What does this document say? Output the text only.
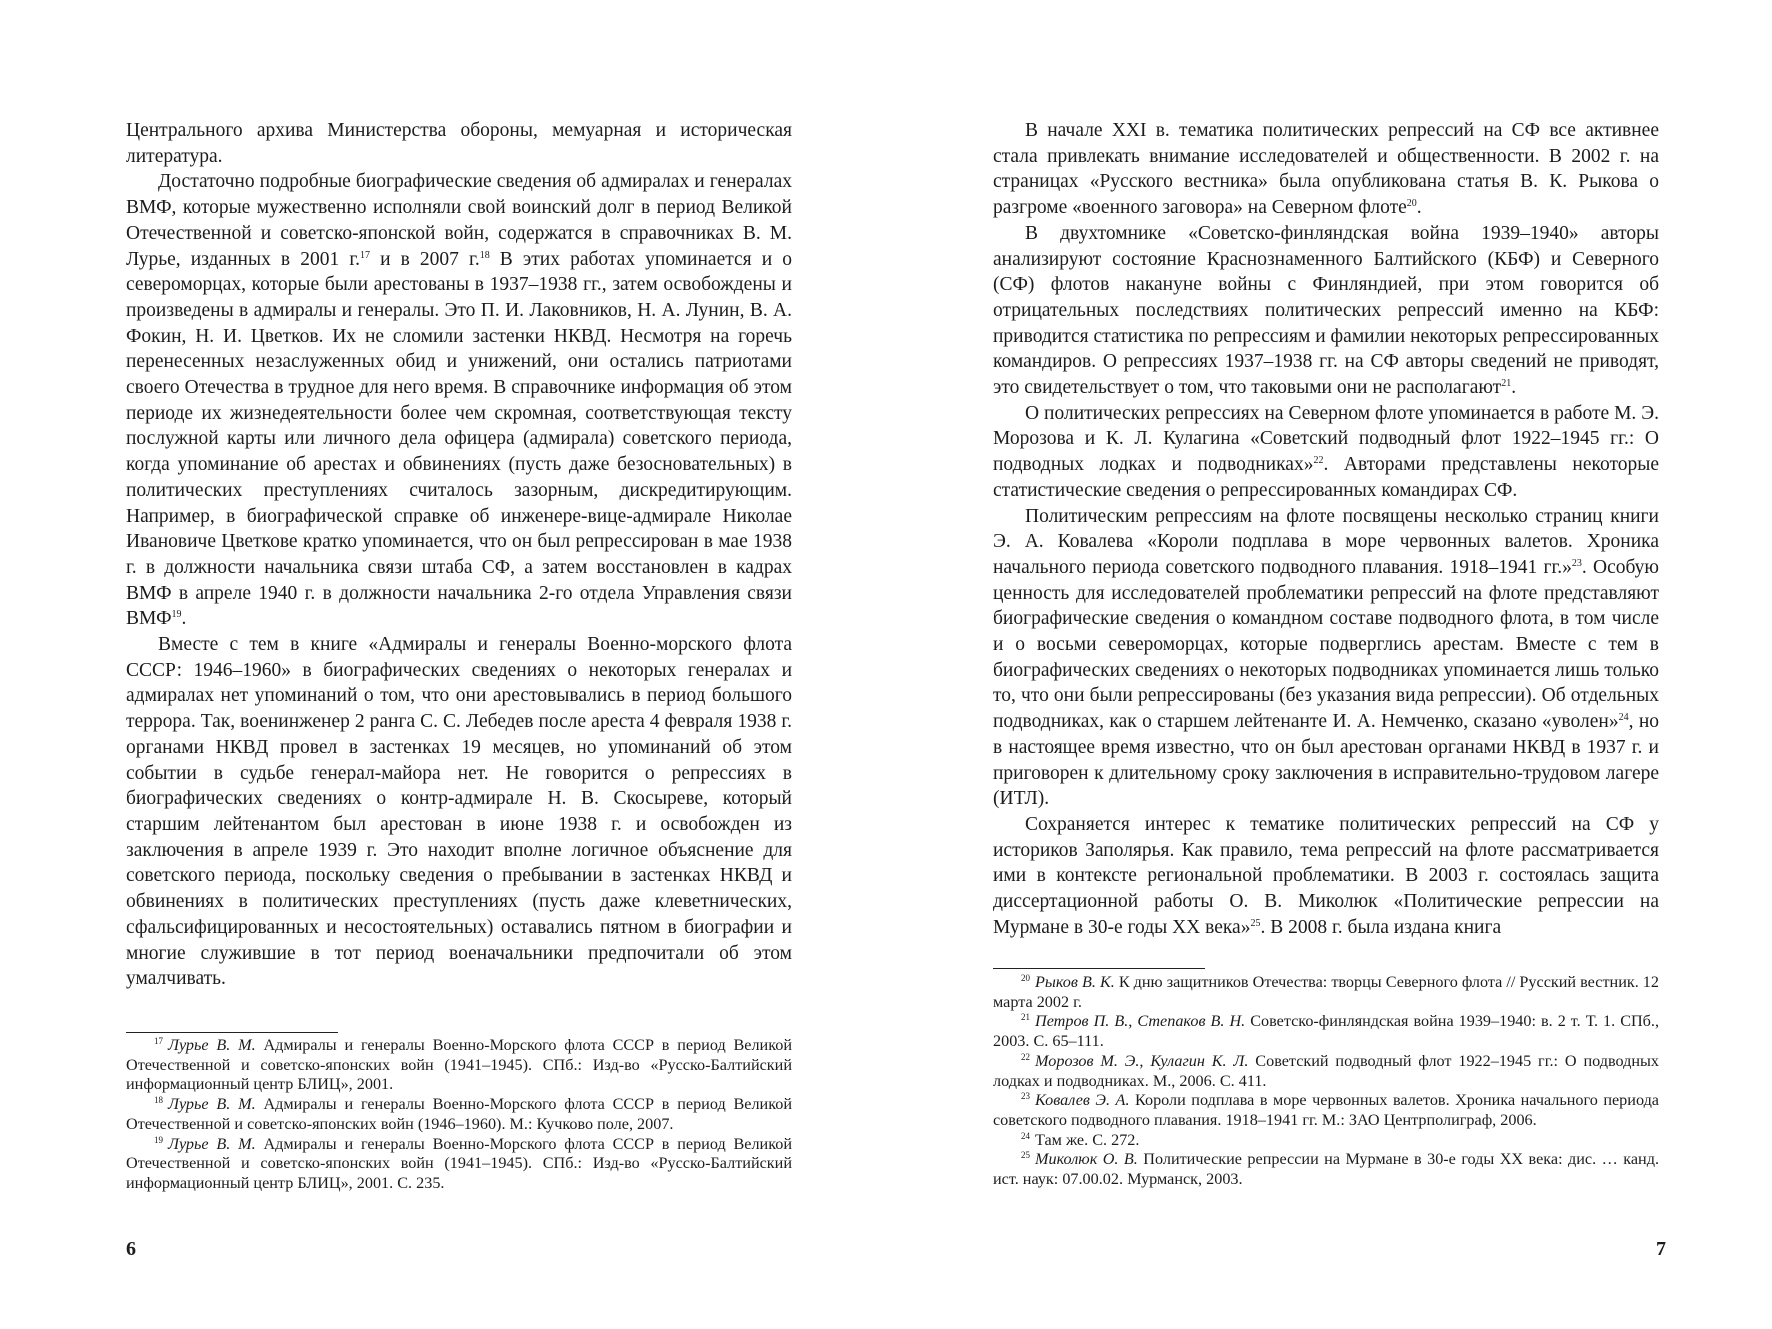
Центрального архива Министерства обороны, мемуарная и историческая литература.

Достаточно подробные биографические сведения об адмиралах и генералах ВМФ, которые мужественно исполняли свой воинский долг в период Великой Отечественной и советско-японской войн, содержатся в справочниках В. М. Лурье, изданных в 2001 г.$^{17}$ и в 2007 г.$^{18}$ В этих работах упоминается и о североморцах, которые были арестованы в 1937–1938 гг., затем освобождены и произведены в адмиралы и генералы. Это П. И. Лаковников, Н. А. Лунин, В. А. Фокин, Н. И. Цветков. Их не сломили застенки НКВД. Несмотря на горечь перенесенных незаслуженных обид и унижений, они остались патриотами своего Отечества в трудное для него время. В справочнике информация об этом периоде их жизнедеятельности более чем скромная, соответствующая тексту послужной карты или личного дела офицера (адмирала) советского периода, когда упоминание об арестах и обвинениях (пусть даже безосновательных) в политических преступлениях считалось зазорным, дискредитирующим. Например, в биографической справке об инженере-вице-адмирале Николае Ивановиче Цветкове кратко упоминается, что он был репрессирован в мае 1938 г. в должности начальника связи штаба СФ, а затем восстановлен в кадрах ВМФ в апреле 1940 г. в должности начальника 2-го отдела Управления связи ВМФ$^{19}$.

Вместе с тем в книге «Адмиралы и генералы Военно-морского флота СССР: 1946–1960» в биографических сведениях о некоторых генералах и адмиралах нет упоминаний о том, что они арестовывались в период большого террора. Так, военинженер 2 ранга С. С. Лебедев после ареста 4 февраля 1938 г. органами НКВД провел в застенках 19 месяцев, но упоминаний об этом событии в судьбе генерал-майора нет. Не говорится о репрессиях в биографических сведениях о контр-адмирале Н. В. Скосыреве, который старшим лейтенантом был арестован в июне 1938 г. и освобожден из заключения в апреле 1939 г. Это находит вполне логичное объяснение для советского периода, поскольку сведения о пребывании в застенках НКВД и обвинениях в политических преступлениях (пусть даже клеветнических, сфальсифицированных и несостоятельных) оставались пятном в биографии и многие служившие в тот период военачальники предпочитали об этом умалчивать.

$^{17}$ Лурье В. М. Адмиралы и генералы Военно-Морского флота СССР в период Великой Отечественной и советско-японских войн (1941–1945). СПб.: Изд-во «Русско-Балтийский информационный центр БЛИЦ», 2001.

$^{18}$ Лурье В. М. Адмиралы и генералы Военно-Морского флота СССР в период Великой Отечественной и советско-японских войн (1946–1960). М.: Кучково поле, 2007.

$^{19}$ Лурье В. М. Адмиралы и генералы Военно-Морского флота СССР в период Великой Отечественной и советско-японских войн (1941–1945). СПб.: Изд-во «Русско-Балтийский информационный центр БЛИЦ», 2001. С. 235.

6

В начале XXI в. тематика политических репрессий на СФ все активнее стала привлекать внимание исследователей и общественности. В 2002 г. на страницах «Русского вестника» была опубликована статья В. К. Рыкова о разгроме «военного заговора» на Северном флоте$^{20}$.

В двухтомнике «Советско-финляндская война 1939–1940» авторы анализируют состояние Краснознаменного Балтийского (КБФ) и Северного (СФ) флотов накануне войны с Финляндией, при этом говорится об отрицательных последствиях политических репрессий именно на КБФ: приводится статистика по репрессиям и фамилии некоторых репрессированных командиров. О репрессиях 1937–1938 гг. на СФ авторы сведений не приводят, это свидетельствует о том, что таковыми они не располагают$^{21}$.

О политических репрессиях на Северном флоте упоминается в работе М. Э. Морозова и К. Л. Кулагина «Советский подводный флот 1922–1945 гг.: О подводных лодках и подводниках»$^{22}$. Авторами представлены некоторые статистические сведения о репрессированных командирах СФ.

Политическим репрессиям на флоте посвящены несколько страниц книги Э. А. Ковалева «Короли подплава в море червонных валетов. Хроника начального периода советского подводного плавания. 1918–1941 гг.»$^{23}$. Особую ценность для исследователей проблематики репрессий на флоте представляют биографические сведения о командном составе подводного флота, в том числе и о восьми североморцах, которые подверглись арестам. Вместе с тем в биографических сведениях о некоторых подводниках упоминается лишь только то, что они были репрессированы (без указания вида репрессии). Об отдельных подводниках, как о старшем лейтенанте И. А. Немченко, сказано «уволен»$^{24}$, но в настоящее время известно, что он был арестован органами НКВД в 1937 г. и приговорен к длительному сроку заключения в исправительно-трудовом лагере (ИТЛ).

Сохраняется интерес к тематике политических репрессий на СФ у историков Заполярья. Как правило, тема репрессий на флоте рассматривается ими в контексте региональной проблематики. В 2003 г. состоялась защита диссертационной работы О. В. Миколюк «Политические репрессии на Мурмане в 30-е годы XX века»$^{25}$. В 2008 г. была издана книга

$^{20}$ Рыков В. К. К дню защитников Отечества: творцы Северного флота // Русский вестник. 12 марта 2002 г.

$^{21}$ Петров П. В., Степаков В. Н. Советско-финляндская война 1939–1940: в. 2 т. Т. 1. СПб., 2003. С. 65–111.

$^{22}$ Морозов М. Э., Кулагин К. Л. Советский подводный флот 1922–1945 гг.: О подводных лодках и подводниках. М., 2006. С. 411.

$^{23}$ Ковалев Э. А. Короли подплава в море червонных валетов. Хроника начального периода советского подводного плавания. 1918–1941 гг. М.: ЗАО Центрполиграф, 2006.

$^{24}$ Там же. С. 272.

$^{25}$ Миколюк О. В. Политические репрессии на Мурмане в 30-е годы XX века: дис. … канд. ист. наук: 07.00.02. Мурманск, 2003.

7
